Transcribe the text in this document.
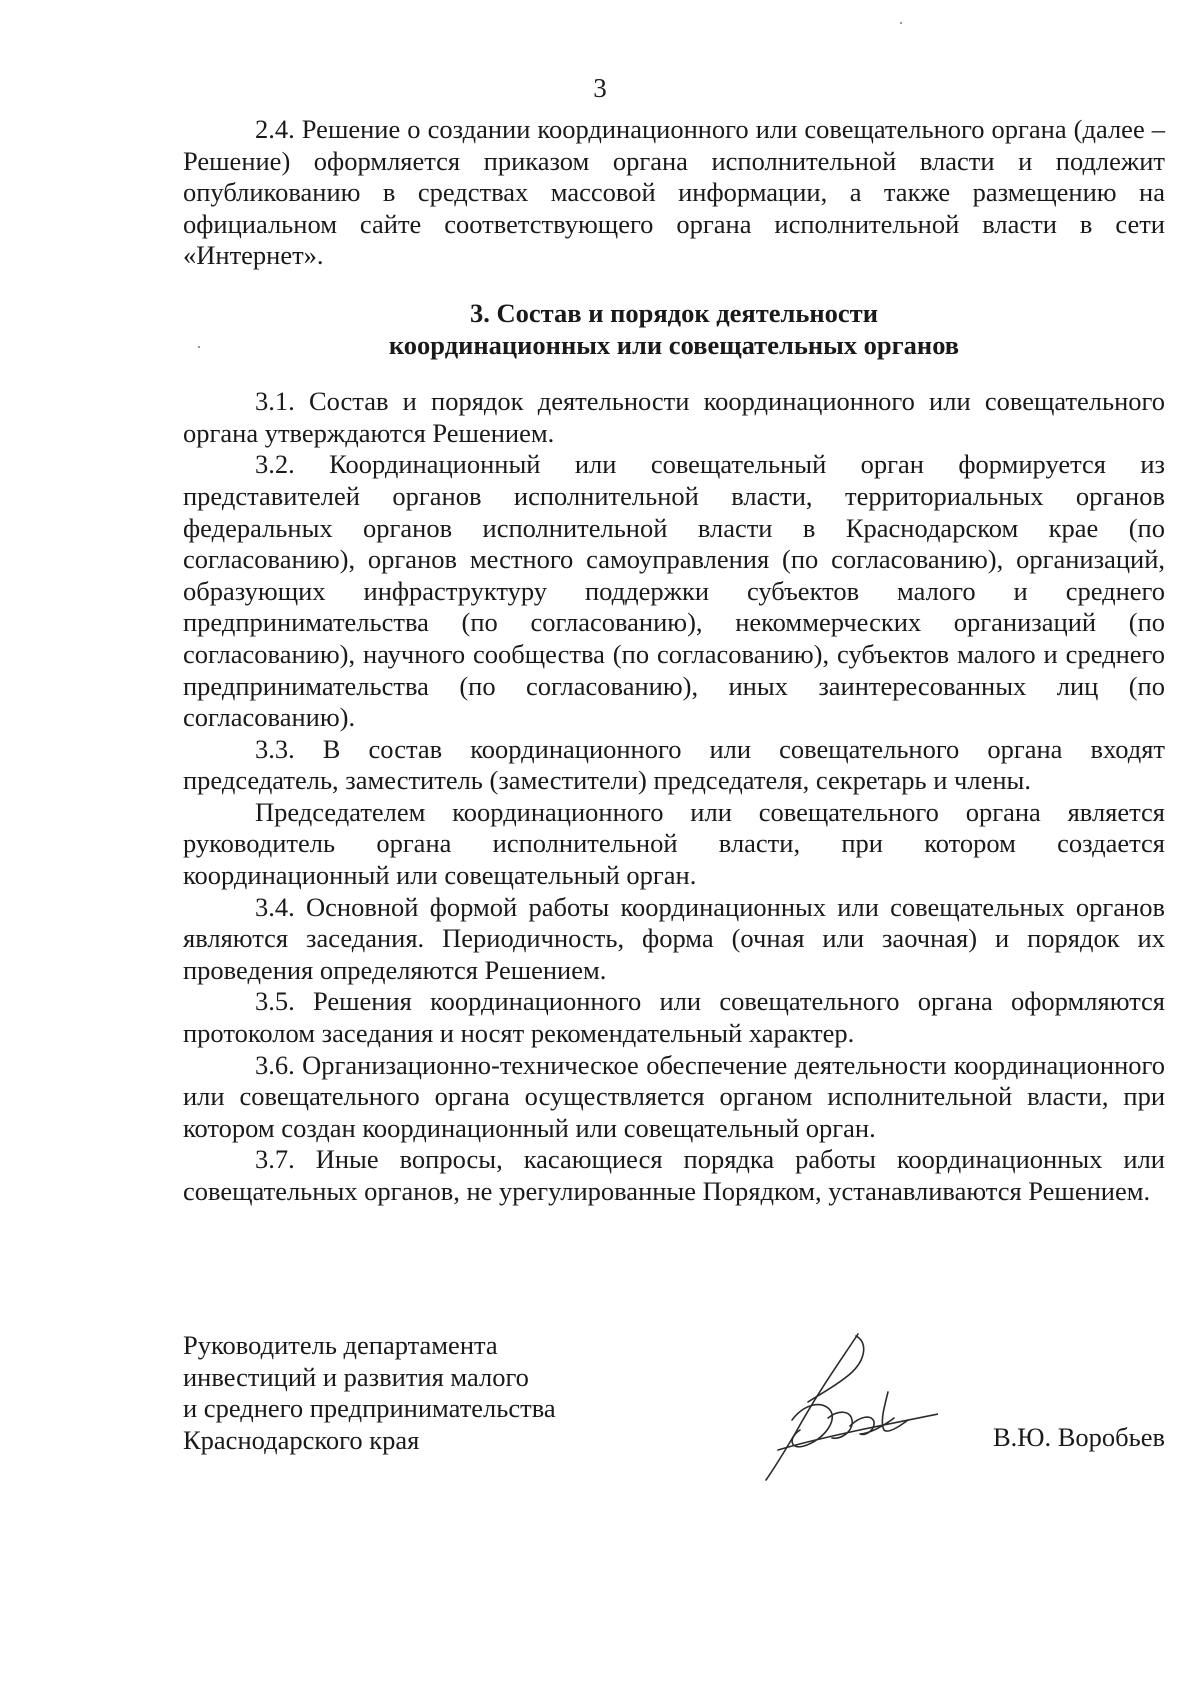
3

2.4. Решение о создании координационного или совещательного органа (далее – Решение) оформляется приказом органа исполнительной власти и подлежит опубликованию в средствах массовой информации, а также размещению на официальном сайте соответствующего органа исполнительной власти в сети «Интернет».

3. Состав и порядок деятельности
координационных или совещательных органов

3.1. Состав и порядок деятельности координационного или совещательного органа утверждаются Решением.

3.2. Координационный или совещательный орган формируется из представителей органов исполнительной власти, территориальных органов федеральных органов исполнительной власти в Краснодарском крае (по согласованию), органов местного самоуправления (по согласованию), организаций, образующих инфраструктуру поддержки субъектов малого и среднего предпринимательства (по согласованию), некоммерческих организаций (по согласованию), научного сообщества (по согласованию), субъектов малого и среднего предпринимательства (по согласованию), иных заинтересованных лиц (по согласованию).

3.3. В состав координационного или совещательного органа входят председатель, заместитель (заместители) председателя, секретарь и члены.

Председателем координационного или совещательного органа является руководитель органа исполнительной власти, при котором создается координационный или совещательный орган.

3.4. Основной формой работы координационных или совещательных органов являются заседания. Периодичность, форма (очная или заочная) и порядок их проведения определяются Решением.

3.5. Решения координационного или совещательного органа оформляются протоколом заседания и носят рекомендательный характер.

3.6. Организационно-техническое обеспечение деятельности координационного или совещательного органа осуществляется органом исполнительной власти, при котором создан координационный или совещательный орган.

3.7. Иные вопросы, касающиеся порядка работы координационных или совещательных органов, не урегулированные Порядком, устанавливаются Решением.

Руководитель департамента
инвестиций и развития малого
и среднего предпринимательства
Краснодарского края	В.Ю. Воробьев
